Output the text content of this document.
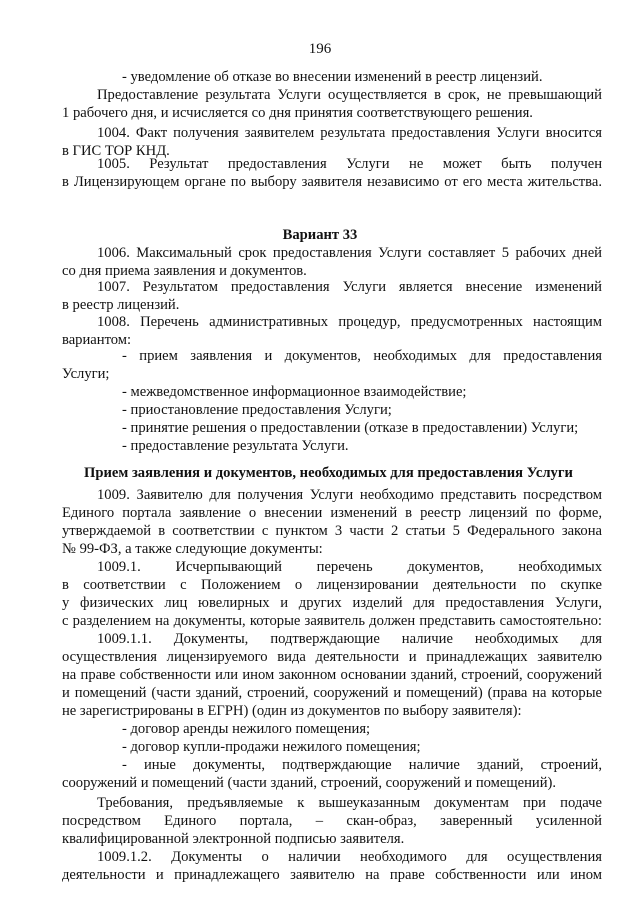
196
- уведомление об отказе во внесении изменений в реестр лицензий.
Предоставление результата Услуги осуществляется в срок, не превышающий
1 рабочего дня, и исчисляется со дня принятия соответствующего решения.
1004. Факт получения заявителем результата предоставления Услуги вносится
в ГИС ТОР КНД.
1005. Результат предоставления Услуги не может быть получен
в Лицензирующем органе по выбору заявителя независимо от его места жительства.
Вариант 33
1006. Максимальный срок предоставления Услуги составляет 5 рабочих дней
со дня приема заявления и документов.
1007. Результатом предоставления Услуги является внесение изменений
в реестр лицензий.
1008. Перечень административных процедур, предусмотренных настоящим
вариантом:
- прием заявления и документов, необходимых для предоставления
Услуги;
- межведомственное информационное взаимодействие;
- приостановление предоставления Услуги;
- принятие решения о предоставлении (отказе в предоставлении) Услуги;
- предоставление результата Услуги.
Прием заявления и документов, необходимых для предоставления Услуги
1009. Заявителю для получения Услуги необходимо представить посредством
Единого портала заявление о внесении изменений в реестр лицензий по форме,
утверждаемой в соответствии с пунктом 3 части 2 статьи 5 Федерального закона
№ 99-ФЗ, а также следующие документы:
1009.1. Исчерпывающий перечень документов, необходимых
в соответствии с Положением о лицензировании деятельности по скупке
у физических лиц ювелирных и других изделий для предоставления Услуги,
с разделением на документы, которые заявитель должен представить самостоятельно:
1009.1.1. Документы, подтверждающие наличие необходимых для
осуществления лицензируемого вида деятельности и принадлежащих заявителю
на праве собственности или ином законном основании зданий, строений, сооружений
и помещений (части зданий, строений, сооружений и помещений) (права на которые
не зарегистрированы в ЕГРН) (один из документов по выбору заявителя):
- договор аренды нежилого помещения;
- договор купли-продажи нежилого помещения;
- иные документы, подтверждающие наличие зданий, строений,
сооружений и помещений (части зданий, строений, сооружений и помещений).
Требования, предъявляемые к вышеуказанным документам при подаче
посредством Единого портала, – скан-образ, заверенный усиленной
квалифицированной электронной подписью заявителя.
1009.1.2. Документы о наличии необходимого для осуществления
деятельности и принадлежащего заявителю на праве собственности или ином
